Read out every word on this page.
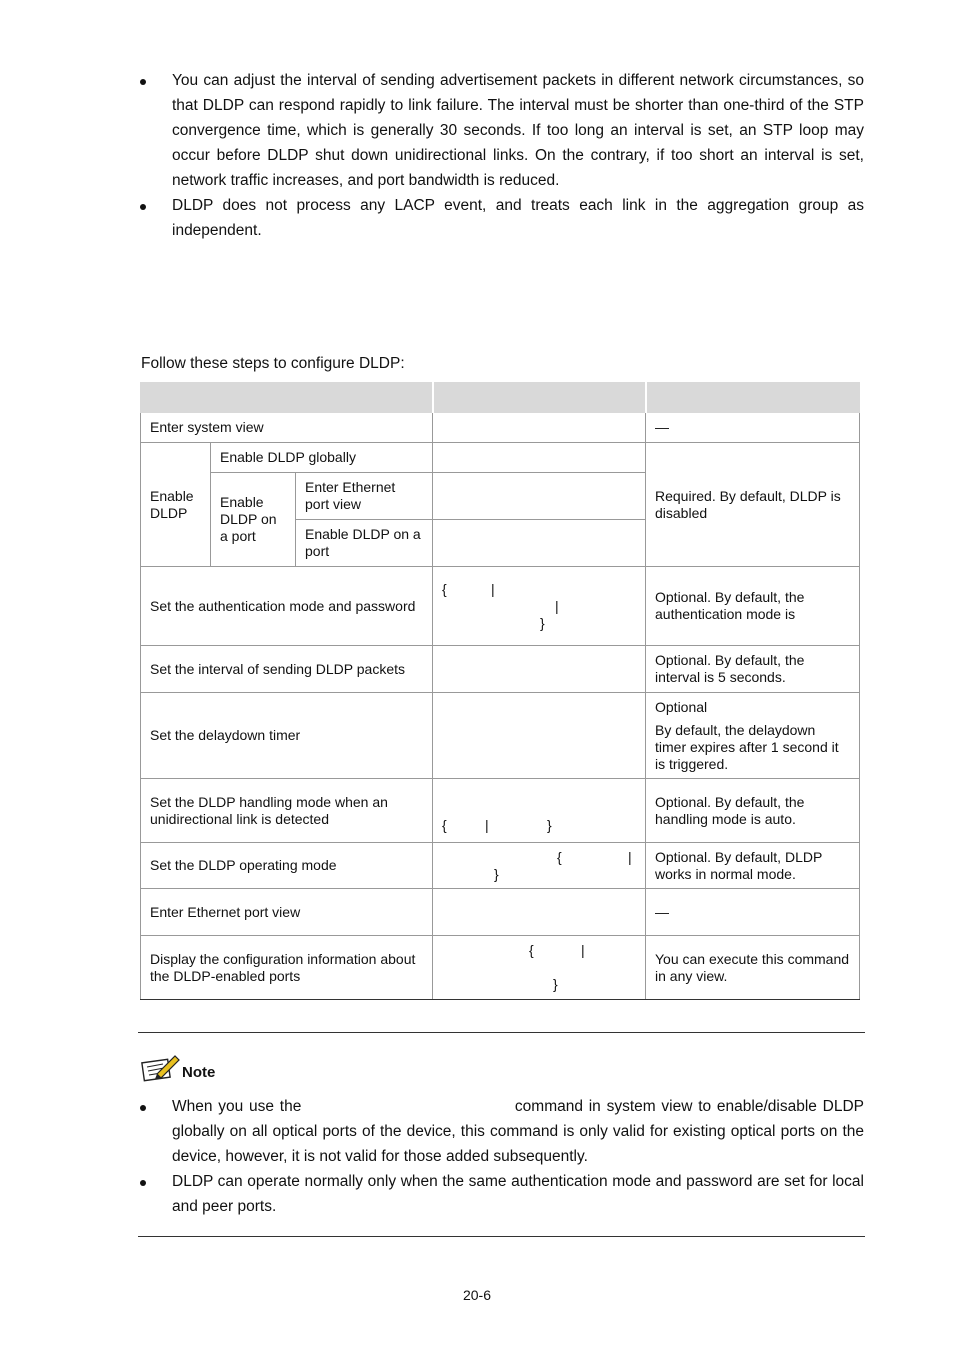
You can adjust the interval of sending advertisement packets in different network circumstances, so that DLDP can respond rapidly to link failure. The interval must be shorter than one-third of the STP convergence time, which is generally 30 seconds. If too long an interval is set, an STP loop may occur before DLDP shut down unidirectional links. On the contrary, if too short an interval is set, network traffic increases, and port bandwidth is reduced.
DLDP does not process any LACP event, and treats each link in the aggregation group as independent.
Follow these steps to configure DLDP:

Enter system view				—
Enable DLDP	Enable DLDP globally			Required. By default, DLDP is disabled
	Enable DLDP on a port	Enter Ethernet port view		
		Enable DLDP on a port		
Set the authentication mode and password			{ |
|
}	Optional. By default, the authentication mode is
Set the interval of sending DLDP packets				Optional. By default, the interval is 5 seconds.
Set the delaydown timer				Optional
By default, the delaydown timer expires after 1 second it is triggered.

Set the DLDP handling mode when an unidirectional link is detected			{ | }	Optional. By default, the handling mode is auto.
Set the DLDP operating mode			{ |
}	Optional. By default, DLDP works in normal mode.
Enter Ethernet port view				—
Display the configuration information about the DLDP-enabled ports			{ |
}	You can execute this command in any view.
Note
When you use the	command in system view to enable/disable DLDP globally on all optical ports of the device, this command is only valid for existing optical ports on the device, however, it is not valid for those added subsequently.
DLDP can operate normally only when the same authentication mode and password are set for local and peer ports.
20-6
